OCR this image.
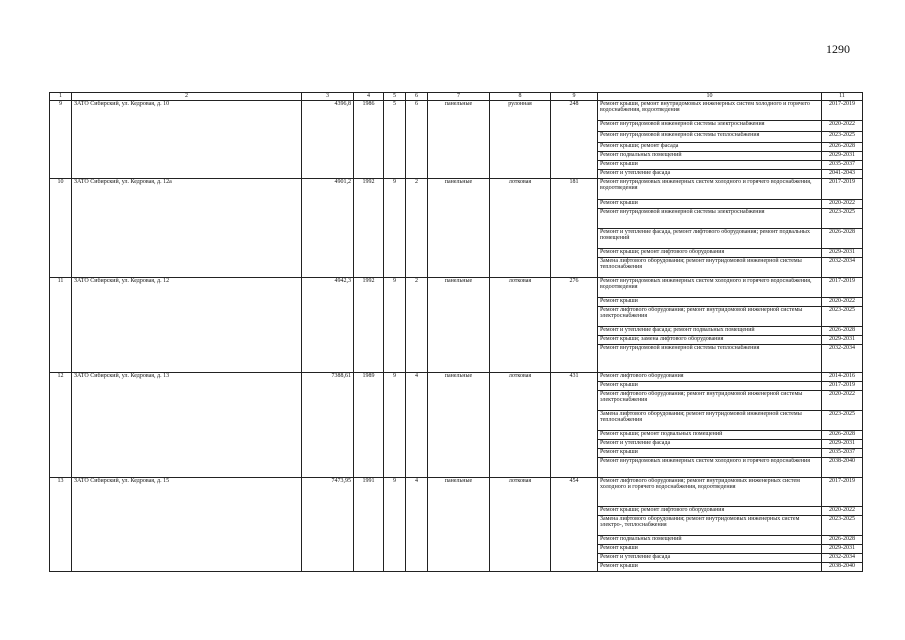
1290
1	2	3	4	5	6	7	8	9	10	11
9	ЗАТО Сибирский, ул. Кедровая, д. 10	4396,8	1986	5	6	панельные	рулонная	248	Ремонт крыши, ремонт внутридомовых инженерных систем холодного и горячего водоснабжения, водоотведения	2017-2019
									Ремонт внутридомовой инженерной системы электроснабжения	2020-2022
									Ремонт внутридомовой инженерной системы теплоснабжения	2023-2025
									Ремонт крыши; ремонт фасада	2026-2028
									Ремонт подвальных помещений	2029-2031
									Ремонт крыши	2035-2037
									Ремонт и утепление фасада	2041-2043
10	ЗАТО Сибирский, ул. Кедровая, д. 12а	4901,2	1992	9	2	панельные	лотковая	181	Ремонт внутридомовых инженерных систем холодного и горячего водоснабжения, водоотведения	2017-2019
									Ремонт крыши	2020-2022
									Ремонт внутридомовой инженерной системы электроснабжения	2023-2025
									Ремонт и утепление фасада, ремонт лифтового оборудования; ремонт подвальных помещений	2026-2028
									Ремонт крыши; ремонт лифтового оборудования	2029-2031
									Замена лифтового оборудования; ремонт внутридомовой инженерной системы теплоснабжения	2032-2034
11	ЗАТО Сибирский, ул. Кедровая, д. 12	4942,3	1992	9	2	панельные	лотковая	276	Ремонт внутридомовых инженерных систем холодного и горячего водоснабжения, водоотведения	2017-2019
									Ремонт крыши	2020-2022
									Ремонт лифтового оборудования; ремонт внутридомовой инженерной системы электроснабжения	2023-2025
									Ремонт и утепление фасада; ремонт подвальных помещений	2026-2028
									Ремонт крыши; замена лифтового оборудования	2029-2031
									Ремонт внутридомовой инженерной системы теплоснабжения	2032-2034
12	ЗАТО Сибирский, ул. Кедровая, д. 13	7388,61	1989	9	4	панельные	лотковая	431	Ремонт лифтового оборудования	2014-2016
									Ремонт крыши	2017-2019
									Ремонт лифтового оборудования; ремонт внутридомовой инженерной системы электроснабжения	2020-2022
									Замена лифтового оборудования; ремонт внутридомовой инженерной системы теплоснабжения	2023-2025
									Ремонт крыши; ремонт подвальных помещений	2026-2028
									Ремонт и утепление фасада	2029-2031
									Ремонт крыши	2035-2037
									Ремонт внутридомовых инженерных систем холодного и горячего водоснабжения	2038-2040
13	ЗАТО Сибирский, ул. Кедровая, д. 15	7473,95	1991	9	4	панельные	лотковая	454	Ремонт лифтового оборудования; ремонт внутридомовых инженерных систем холодного и горячего водоснабжения, водоотведения	2017-2019
									Ремонт крыши; ремонт лифтового оборудования	2020-2022
									Замена лифтового оборудования; ремонт внутридомовых инженерных систем электро-, теплоснабжения	2023-2025
									Ремонт подвальных помещений	2026-2028
									Ремонт крыши	2029-2031
									Ремонт и утепление фасада	2032-2034
									Ремонт крыши	2038-2040
